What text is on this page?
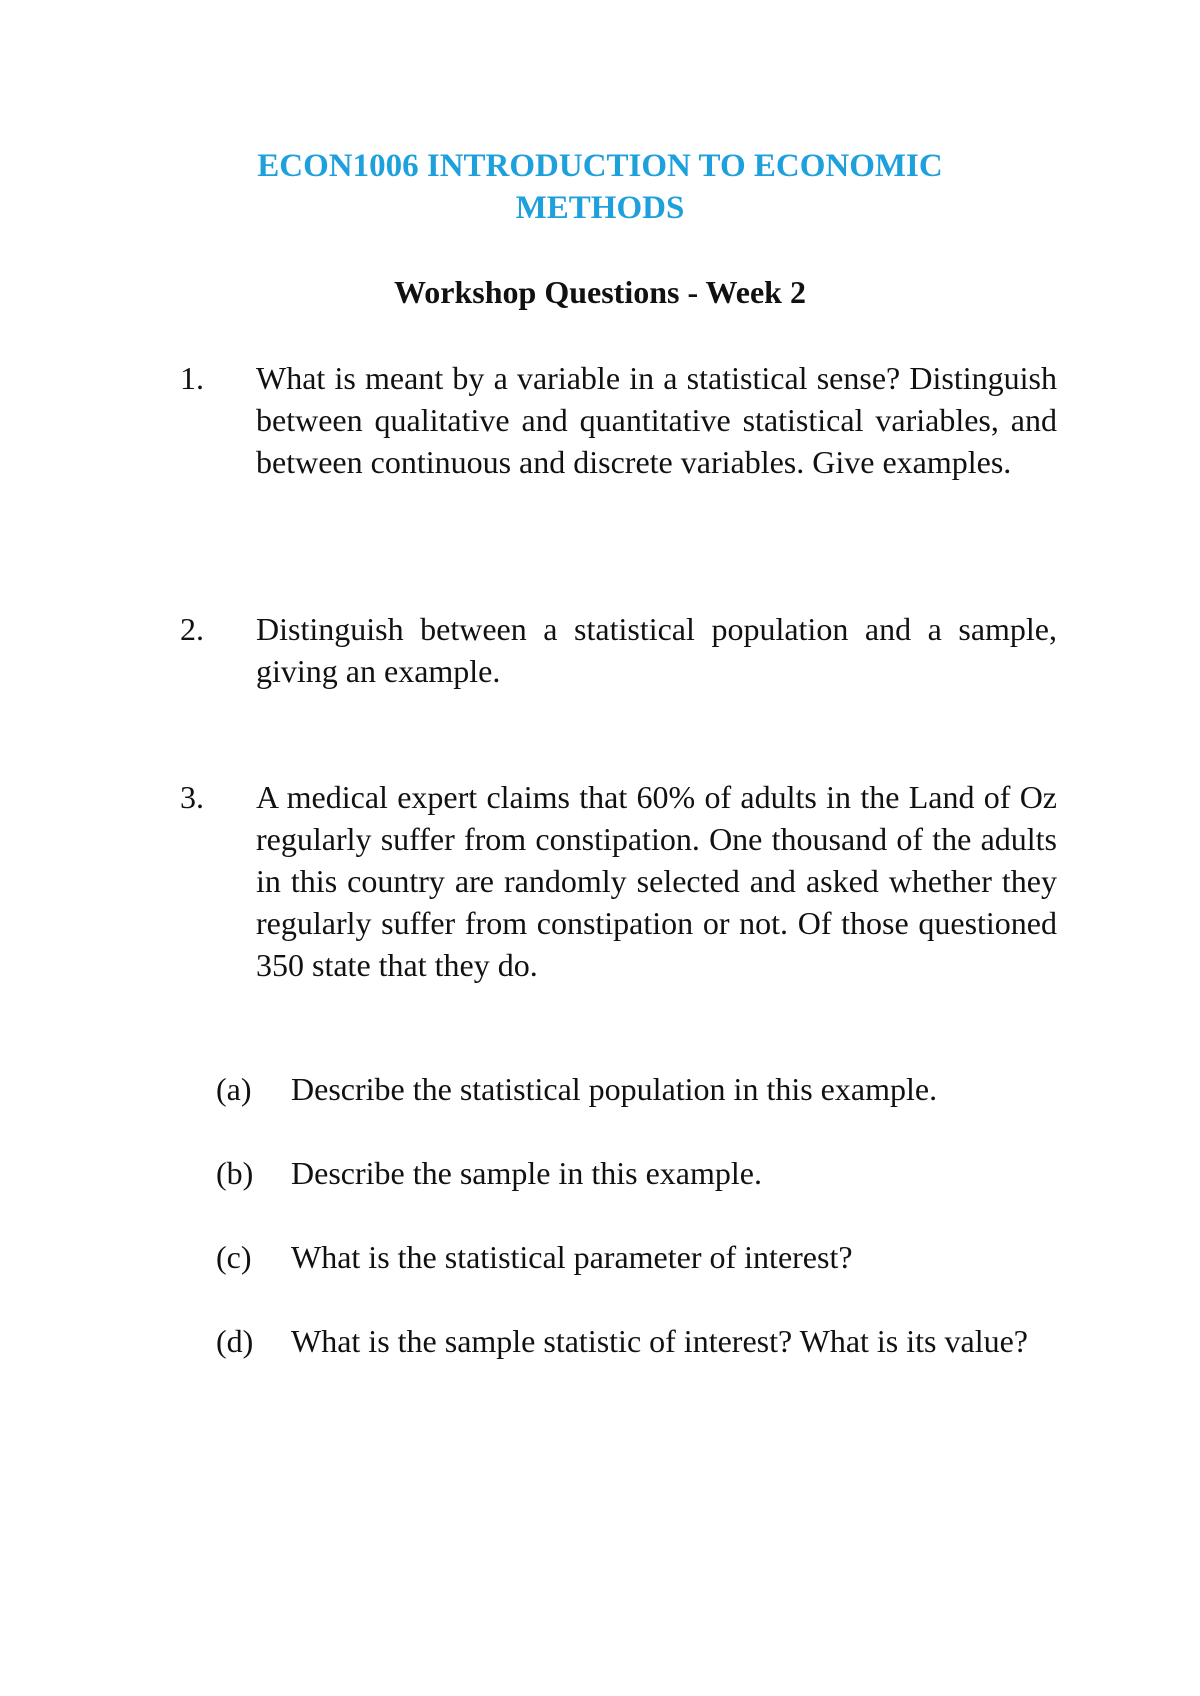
ECON1006 INTRODUCTION TO ECONOMIC METHODS
Workshop Questions - Week 2
1. What is meant by a variable in a statistical sense? Distinguish between qualitative and quantitative statistical variables, and between continuous and discrete variables. Give examples.

2. Distinguish between a statistical population and a sample, giving an example.

3. A medical expert claims that 60% of adults in the Land of Oz regularly suffer from constipation. One thousand of the adults in this country are randomly selected and asked whether they regularly suffer from constipation or not. Of those questioned 350 state that they do.

(a) Describe the statistical population in this example.

(b) Describe the sample in this example.

(c) What is the statistical parameter of interest?

(d) What is the sample statistic of interest? What is its value?
